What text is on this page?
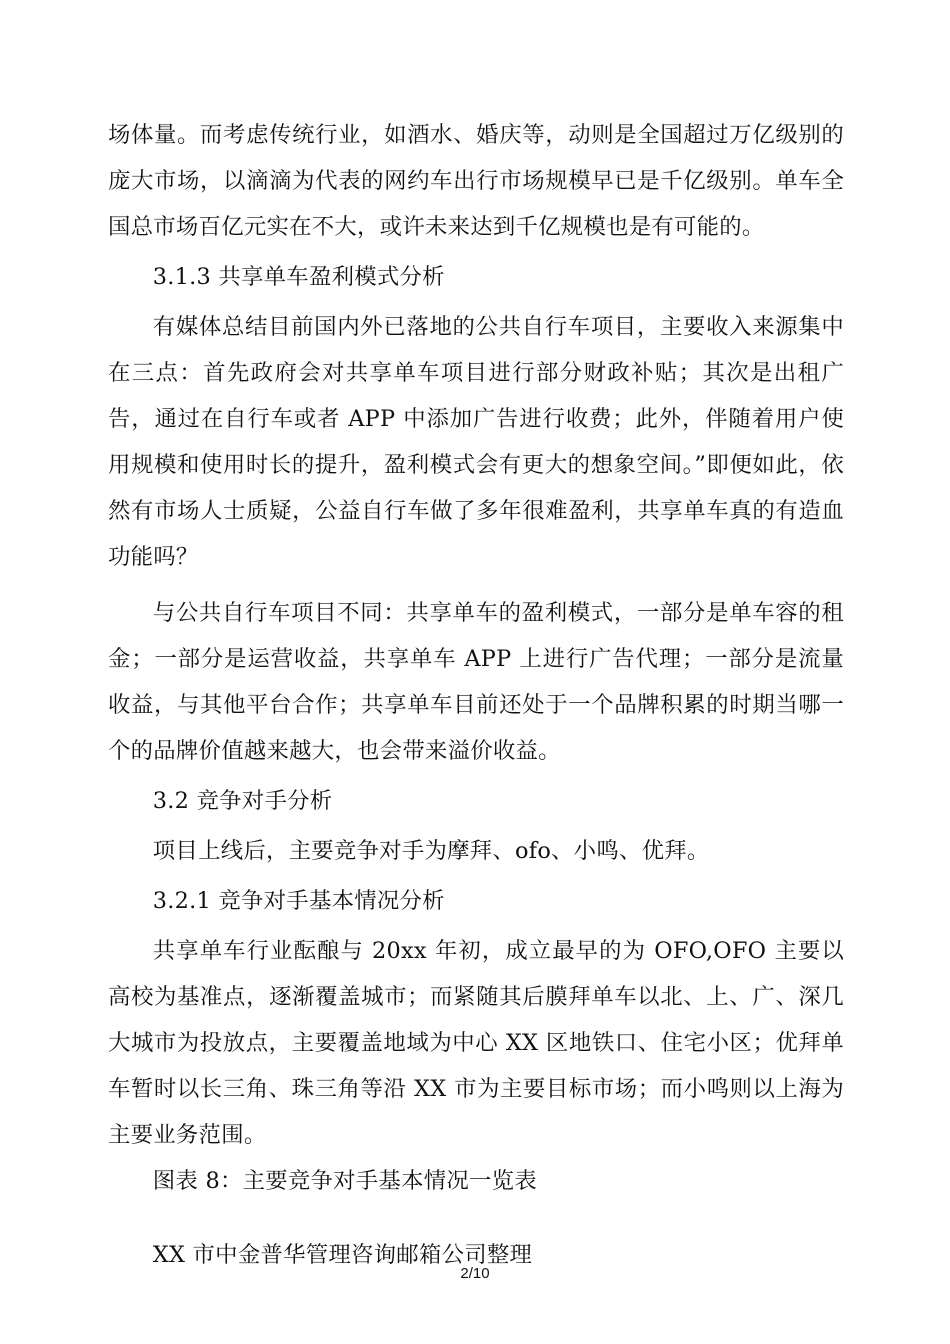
场体量。而考虑传统行业，如酒水、婚庆等，动则是全国超过万亿级别的庞大市场，以滴滴为代表的网约车出行市场规模早已是千亿级别。单车全国总市场百亿元实在不大，或许未来达到千亿规模也是有可能的。

3.1.3 共享单车盈利模式分析

有媒体总结目前国内外已落地的公共自行车项目，主要收入来源集中在三点：首先政府会对共享单车项目进行部分财政补贴；其次是出租广告，通过在自行车或者 APP 中添加广告进行收费；此外，伴随着用户使用规模和使用时长的提升，盈利模式会有更大的想象空间。”即便如此，依然有市场人士质疑，公益自行车做了多年很难盈利，共享单车真的有造血功能吗？

与公共自行车项目不同：共享单车的盈利模式，一部分是单车容的租金；一部分是运营收益，共享单车 APP 上进行广告代理；一部分是流量收益，与其他平台合作；共享单车目前还处于一个品牌积累的时期当哪一个的品牌价值越来越大，也会带来溢价收益。

3.2 竞争对手分析

项目上线后，主要竞争对手为摩拜、ofo、小鸣、优拜。

3.2.1 竞争对手基本情况分析

共享单车行业酝酿与 20xx 年初，成立最早的为 OFO,OFO 主要以高校为基准点，逐渐覆盖城市；而紧随其后膜拜单车以北、上、广、深几大城市为投放点，主要覆盖地域为中心 XX 区地铁口、住宅小区；优拜单车暂时以长三角、珠三角等沿 XX 市为主要目标市场；而小鸣则以上海为主要业务范围。

图表 8：主要竞争对手基本情况一览表

XX 市中金普华管理咨询邮箱公司整理

2/10
